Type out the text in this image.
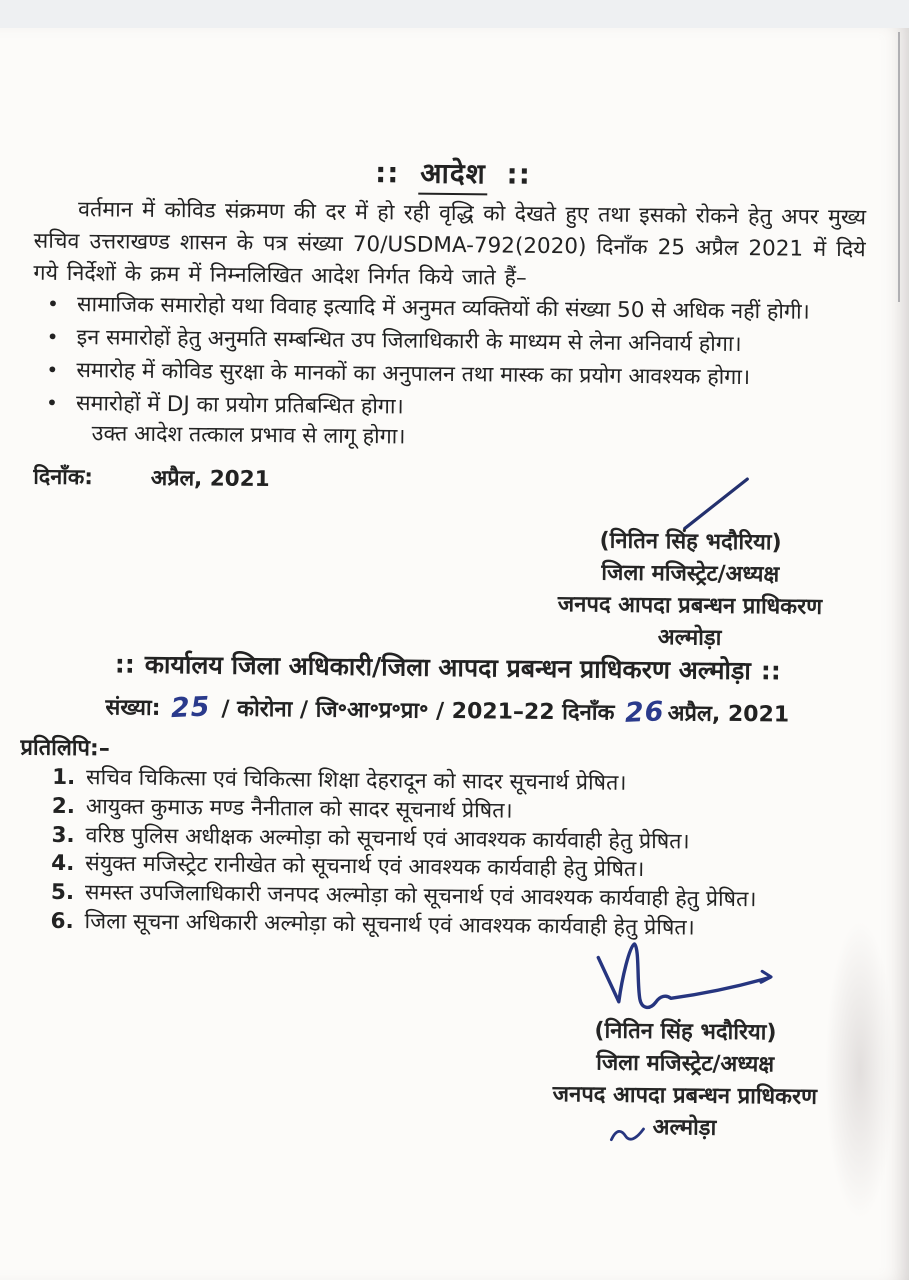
:: आदेश ::

वर्तमान में कोविड संक्रमण की दर में हो रही वृद्धि को देखते हुए तथा इसको रोकने हेतु अपर मुख्य सचिव उत्तराखण्ड शासन के पत्र संख्या 70/USDMA-792(2020) दिनाँक 25 अप्रैल 2021 में दिये गये निर्देशों के क्रम में निम्नलिखित आदेश निर्गत किये जाते हैं–

• सामाजिक समारोहो यथा विवाह इत्यादि में अनुमत व्यक्तियों की संख्या 50 से अधिक नहीं होगी।
• इन समारोहों हेतु अनुमति सम्बन्धित उप जिलाधिकारी के माध्यम से लेना अनिवार्य होगा।
• समारोह में कोविड सुरक्षा के मानकों का अनुपालन तथा मास्क का प्रयोग आवश्यक होगा।
• समारोहों में DJ का प्रयोग प्रतिबन्धित होगा।

उक्त आदेश तत्काल प्रभाव से लागू होगा।

दिनाँक:	अप्रैल, 2021
(नितिन सिंह भदौरिया)
जिला मजिस्ट्रेट/अध्यक्ष
जनपद आपदा प्रबन्धन प्राधिकरण
अल्मोड़ा
:: कार्यालय जिला अधिकारी/जिला आपदा प्रबन्धन प्राधिकरण अल्मोड़ा ::
संख्या: 25 / कोरोना / जि॰आ॰प्र॰प्रा॰ / 2021–22 दिनाँक 26 अप्रैल, 2021
प्रतिलिपि:–
1. सचिव चिकित्सा एवं चिकित्सा शिक्षा देहरादून को सादर सूचनार्थ प्रेषित।
2. आयुक्त कुमाऊ मण्ड नैनीताल को सादर सूचनार्थ प्रेषित।
3. वरिष्ठ पुलिस अधीक्षक अल्मोड़ा को सूचनार्थ एवं आवश्यक कार्यवाही हेतु प्रेषित।
4. संयुक्त मजिस्ट्रेट रानीखेत को सूचनार्थ एवं आवश्यक कार्यवाही हेतु प्रेषित।
5. समस्त उपजिलाधिकारी जनपद अल्मोड़ा को सूचनार्थ एवं आवश्यक कार्यवाही हेतु प्रेषित।
6. जिला सूचना अधिकारी अल्मोड़ा को सूचनार्थ एवं आवश्यक कार्यवाही हेतु प्रेषित।
(नितिन सिंह भदौरिया)
जिला मजिस्ट्रेट/अध्यक्ष
जनपद आपदा प्रबन्धन प्राधिकरण
अल्मोड़ा
